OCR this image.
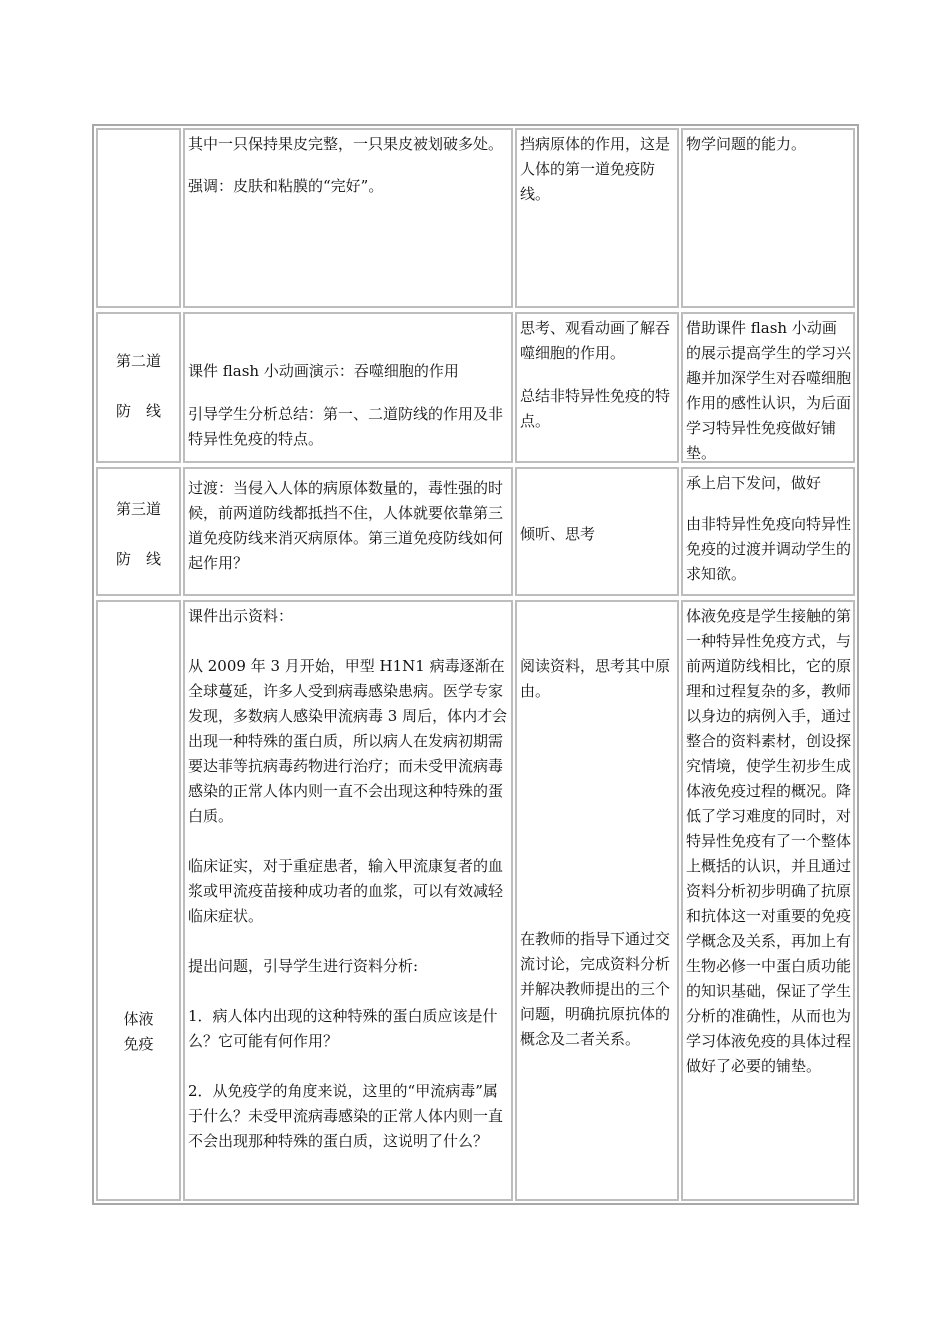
其中一只保持果皮完整，一只果皮被划破多处。

强调：皮肤和粘膜的“完好”。

挡病原体的作用，这是人体的第一道免疫防线。

物学问题的能力。

第二道
防　线

课件 flash 小动画演示：吞噬细胞的作用

引导学生分析总结：第一、二道防线的作用及非特异性免疫的特点。

思考、观看动画了解吞噬细胞的作用。

总结非特异性免疫的特点。

借助课件 flash 小动画的展示提高学生的学习兴趣并加深学生对吞噬细胞作用的感性认识，为后面学习特异性免疫做好铺垫。

第三道
防　线

过渡：当侵入人体的病原体数量的，毒性强的时候，前两道防线都抵挡不住，人体就要依靠第三道免疫防线来消灭病原体。第三道免疫防线如何起作用？

倾听、思考

承上启下发问，做好

由非特异性免疫向特异性免疫的过渡并调动学生的求知欲。

体液
免疫

课件出示资料：

从 2009 年 3 月开始，甲型 H1N1 病毒逐渐在全球蔓延，许多人受到病毒感染患病。医学专家发现，多数病人感染甲流病毒 3 周后，体内才会出现一种特殊的蛋白质，所以病人在发病初期需要达菲等抗病毒药物进行治疗；而未受甲流病毒感染的正常人体内则一直不会出现这种特殊的蛋白质。

临床证实，对于重症患者，输入甲流康复者的血浆或甲流疫苗接种成功者的血浆，可以有效减轻临床症状。

提出问题，引导学生进行资料分析:

1．病人体内出现的这种特殊的蛋白质应该是什么？它可能有何作用？

2．从免疫学的角度来说，这里的“甲流病毒”属于什么？未受甲流病毒感染的正常人体内则一直不会出现那种特殊的蛋白质，这说明了什么？

阅读资料，思考其中原由。

在教师的指导下通过交流讨论，完成资料分析并解决教师提出的三个问题，明确抗原抗体的概念及二者关系。

体液免疫是学生接触的第一种特异性免疫方式，与前两道防线相比，它的原理和过程复杂的多，教师以身边的病例入手，通过整合的资料素材，创设探究情境，使学生初步生成体液免疫过程的概况。降低了学习难度的同时，对特异性免疫有了一个整体上概括的认识，并且通过资料分析初步明确了抗原和抗体这一对重要的免疫学概念及关系，再加上有生物必修一中蛋白质功能的知识基础，保证了学生分析的准确性，从而也为学习体液免疫的具体过程做好了必要的铺垫。
